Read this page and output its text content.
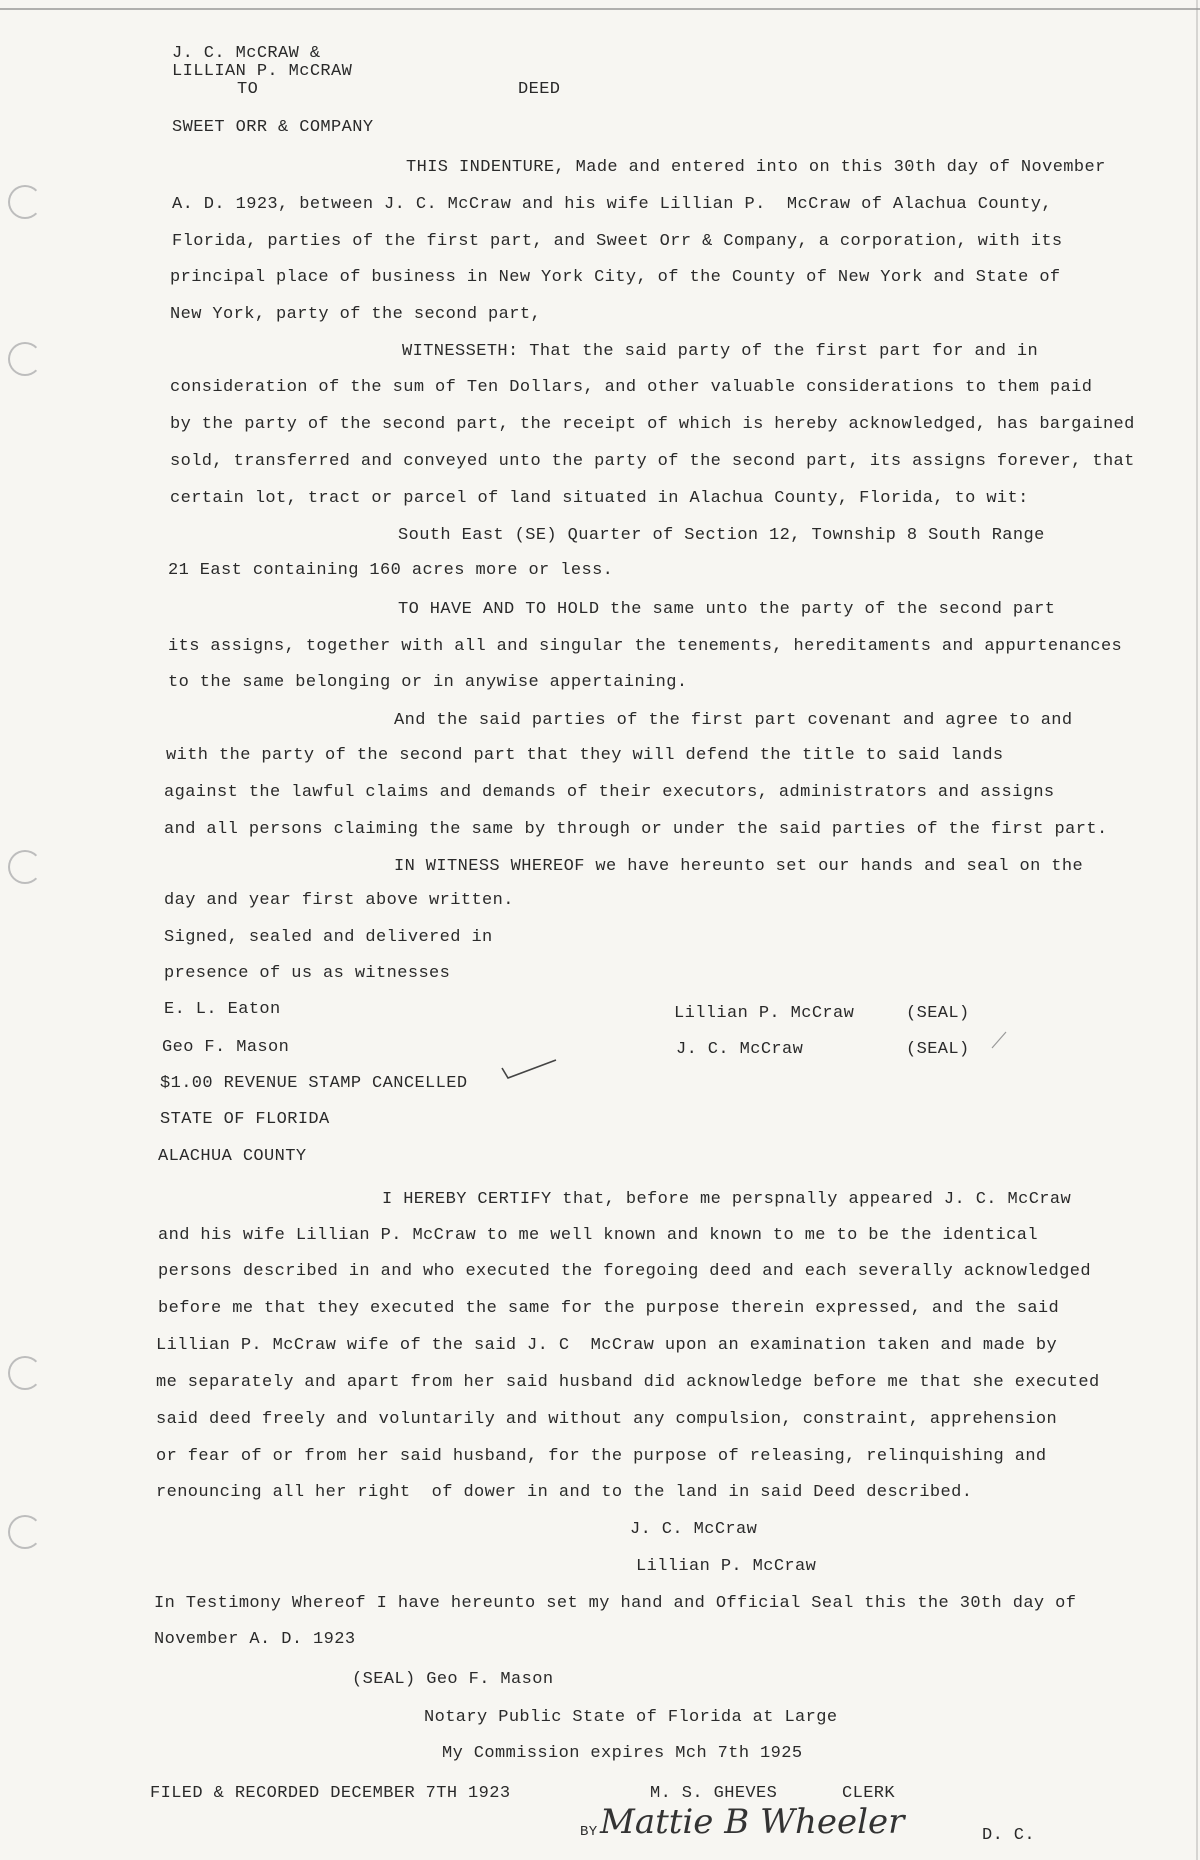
J. C. McCRAW &
LILLIAN P. McCRAW
TO	DEED
SWEET ORR & COMPANY
THIS INDENTURE, Made and entered into on this 30th day of November
A. D. 1923, between J. C. McCraw and his wife Lillian P.  McCraw of Alachua County,
Florida, parties of the first part, and Sweet Orr & Company, a corporation, with its
principal place of business in New York City, of the County of New York and State of
New York, party of the second part,
WITNESSETH: That the said party of the first part for and in
consideration of the sum of Ten Dollars, and other valuable considerations to them paid
by the party of the second part, the receipt of which is hereby acknowledged, has bargained
sold, transferred and conveyed unto the party of the second part, its assigns forever, that
certain lot, tract or parcel of land situated in Alachua County, Florida, to wit:
South East (SE) Quarter of Section 12, Township 8 South Range
21 East containing 160 acres more or less.
TO HAVE AND TO HOLD the same unto the party of the second part
its assigns, together with all and singular the tenements, hereditaments and appurtenances
to the same belonging or in anywise appertaining.
And the said parties of the first part covenant and agree to and
with the party of the second part that they will defend the title to said lands
against the lawful claims and demands of their executors, administrators and assigns
and all persons claiming the same by through or under the said parties of the first part.
IN WITNESS WHEREOF we have hereunto set our hands and seal on the
day and year first above written.
Signed, sealed and delivered in
presence of us as witnesses
E. L. Eaton
Geo F. Mason
Lillian P. McCraw	(SEAL)
J. C. McCraw	(SEAL)
$1.00 REVENUE STAMP CANCELLED
STATE OF FLORIDA
ALACHUA COUNTY
I HEREBY CERTIFY that, before me perspnally appeared J. C. McCraw
and his wife Lillian P. McCraw to me well known and known to me to be the identical
persons described in and who executed the foregoing deed and each severally acknowledged
before me that they executed the same for the purpose therein expressed, and the said
Lillian P. McCraw wife of the said J. C  McCraw upon an examination taken and made by
me separately and apart from her said husband did acknowledge before me that she executed
said deed freely and voluntarily and without any compulsion, constraint, apprehension
or fear of or from her said husband, for the purpose of releasing, relinquishing and
renouncing all her right  of dower in and to the land in said Deed described.
J. C. McCraw
Lillian P. McCraw
In Testimony Whereof I have hereunto set my hand and Official Seal this the 30th day of
November A. D. 1923
(SEAL) Geo F. Mason
Notary Public State of Florida at Large
My Commission expires Mch 7th 1925
FILED & RECORDED DECEMBER 7TH 1923	M. S. GHEVES	CLERK
BY Mattie B Wheeler	D. C.
